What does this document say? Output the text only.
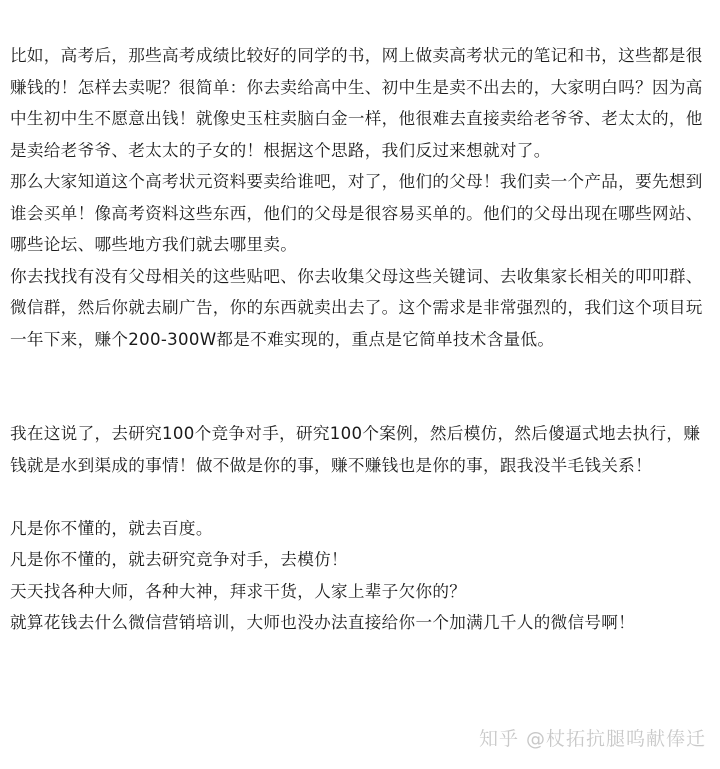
比如，高考后，那些高考成绩比较好的同学的书，网上做卖高考状元的笔记和书，这些都是很赚钱的！怎样去卖呢？很简单：你去卖给高中生、初中生是卖不出去的，大家明白吗？因为高中生初中生不愿意出钱！就像史玉柱卖脑白金一样，他很难去直接卖给老爷爷、老太太的，他是卖给老爷爷、老太太的子女的！根据这个思路，我们反过来想就对了。

那么大家知道这个高考状元资料要卖给谁吧，对了，他们的父母！我们卖一个产品，要先想到谁会买单！像高考资料这些东西，他们的父母是很容易买单的。他们的父母出现在哪些网站、哪些论坛、哪些地方我们就去哪里卖。

你去找找有没有父母相关的这些贴吧、你去收集父母这些关键词、去收集家长相关的叩叩群、微信群，然后你就去刷广告，你的东西就卖出去了。这个需求是非常强烈的，我们这个项目玩一年下来，赚个200-300W都是不难实现的，重点是它简单技术含量低。

我在这说了，去研究100个竞争对手，研究100个案例，然后模仿，然后傻逼式地去执行，赚钱就是水到渠成的事情！做不做是你的事，赚不赚钱也是你的事，跟我没半毛钱关系！

凡是你不懂的，就去百度。

凡是你不懂的，就去研究竞争对手，去模仿！

天天找各种大师，各种大神，拜求干货，人家上辈子欠你的？

就算花钱去什么微信营销培训，大师也没办法直接给你一个加满几千人的微信号啊！

知乎 @杖拓抗腿呜献俸迁
